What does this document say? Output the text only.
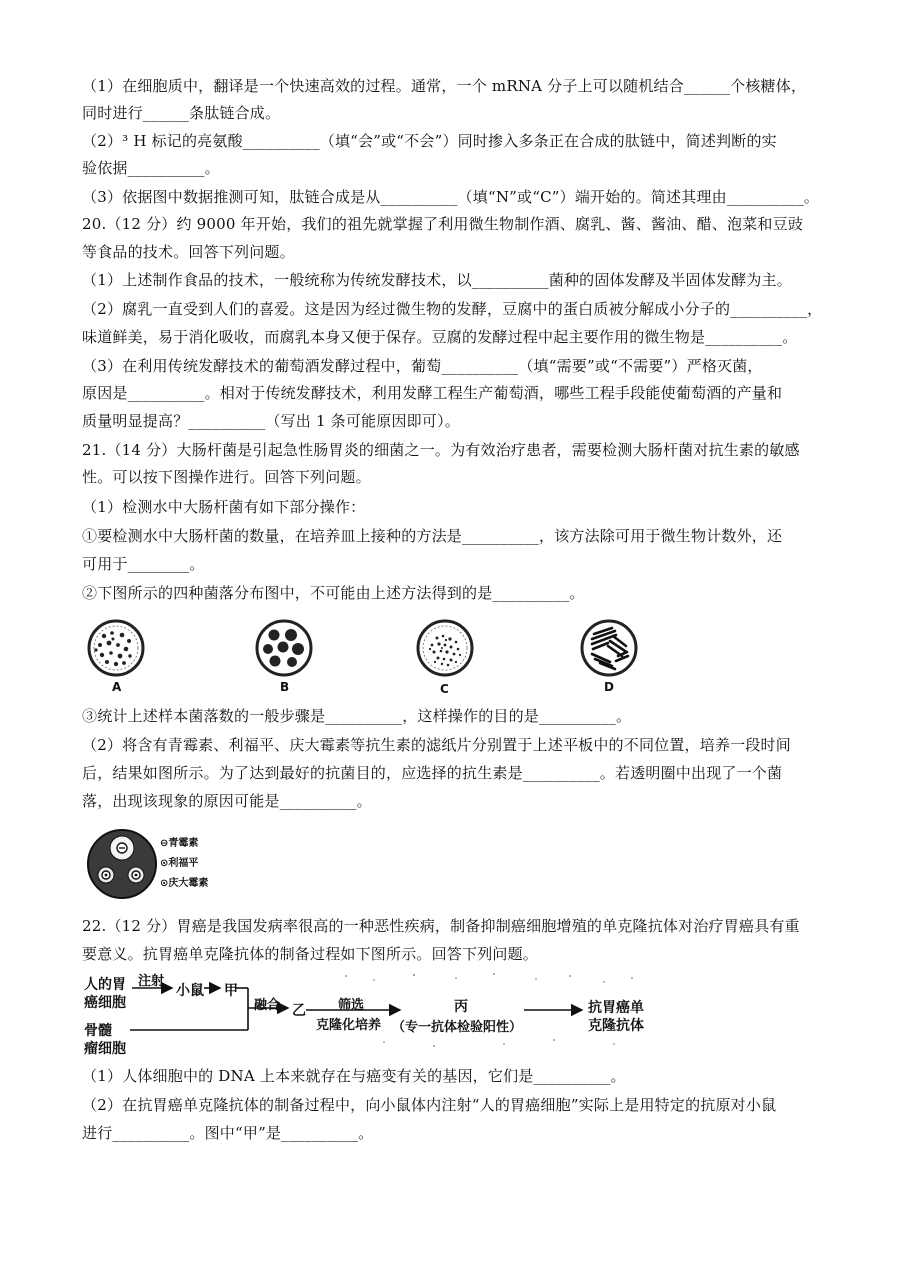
（1）在细胞质中，翻译是一个快速高效的过程。通常，一个 mRNA 分子上可以随机结合______个核糖体，
同时进行______条肽链合成。
（2）³ H 标记的亮氨酸__________（填“会”或“不会”）同时掺入多条正在合成的肽链中，简述判断的实
验依据__________。
（3）依据图中数据推测可知，肽链合成是从__________（填“N”或“C”）端开始的。简述其理由__________。
20.（12 分）约 9000 年开始，我们的祖先就掌握了利用微生物制作酒、腐乳、酱、酱油、醋、泡菜和豆豉
等食品的技术。回答下列问题。
（1）上述制作食品的技术，一般统称为传统发酵技术，以__________菌种的固体发酵及半固体发酵为主。
（2）腐乳一直受到人们的喜爱。这是因为经过微生物的发酵，豆腐中的蛋白质被分解成小分子的__________，
味道鲜美，易于消化吸收，而腐乳本身又便于保存。豆腐的发酵过程中起主要作用的微生物是__________。
（3）在利用传统发酵技术的葡萄酒发酵过程中，葡萄__________（填“需要”或“不需要”）严格灭菌，
原因是__________。相对于传统发酵技术，利用发酵工程生产葡萄酒，哪些工程手段能使葡萄酒的产量和
质量明显提高？__________（写出 1 条可能原因即可）。
21.（14 分）大肠杆菌是引起急性肠胃炎的细菌之一。为有效治疗患者，需要检测大肠杆菌对抗生素的敏感
性。可以按下图操作进行。回答下列问题。
（1）检测水中大肠杆菌有如下部分操作：
①要检测水中大肠杆菌的数量，在培养皿上接种的方法是__________，该方法除可用于微生物计数外，还
可用于________。
②下图所示的四种菌落分布图中，不可能由上述方法得到的是__________。
A	B	C	D
③统计上述样本菌落数的一般步骤是__________，这样操作的目的是__________。
（2）将含有青霉素、利福平、庆大霉素等抗生素的滤纸片分别置于上述平板中的不同位置，培养一段时间
后，结果如图所示。为了达到最好的抗菌目的，应选择的抗生素是__________。若透明圈中出现了一个菌
落，出现该现象的原因可能是__________。
⊖青霉素
⊙利福平
⊙庆大霉素
22.（12 分）胃癌是我国发病率很高的一种恶性疾病，制备抑制癌细胞增殖的单克隆抗体对治疗胃癌具有重
要意义。抗胃癌单克隆抗体的制备过程如下图所示。回答下列问题。
人的胃
癌细胞
注射
小鼠 甲
骨髓
瘤细胞
融合 乙 筛选
克隆化培养
丙
（专一抗体检验阳性）
抗胃癌单
克隆抗体
（1）人体细胞中的 DNA 上本来就存在与癌变有关的基因，它们是__________。
（2）在抗胃癌单克隆抗体的制备过程中，向小鼠体内注射“人的胃癌细胞”实际上是用特定的抗原对小鼠
进行__________。图中“甲”是__________。
